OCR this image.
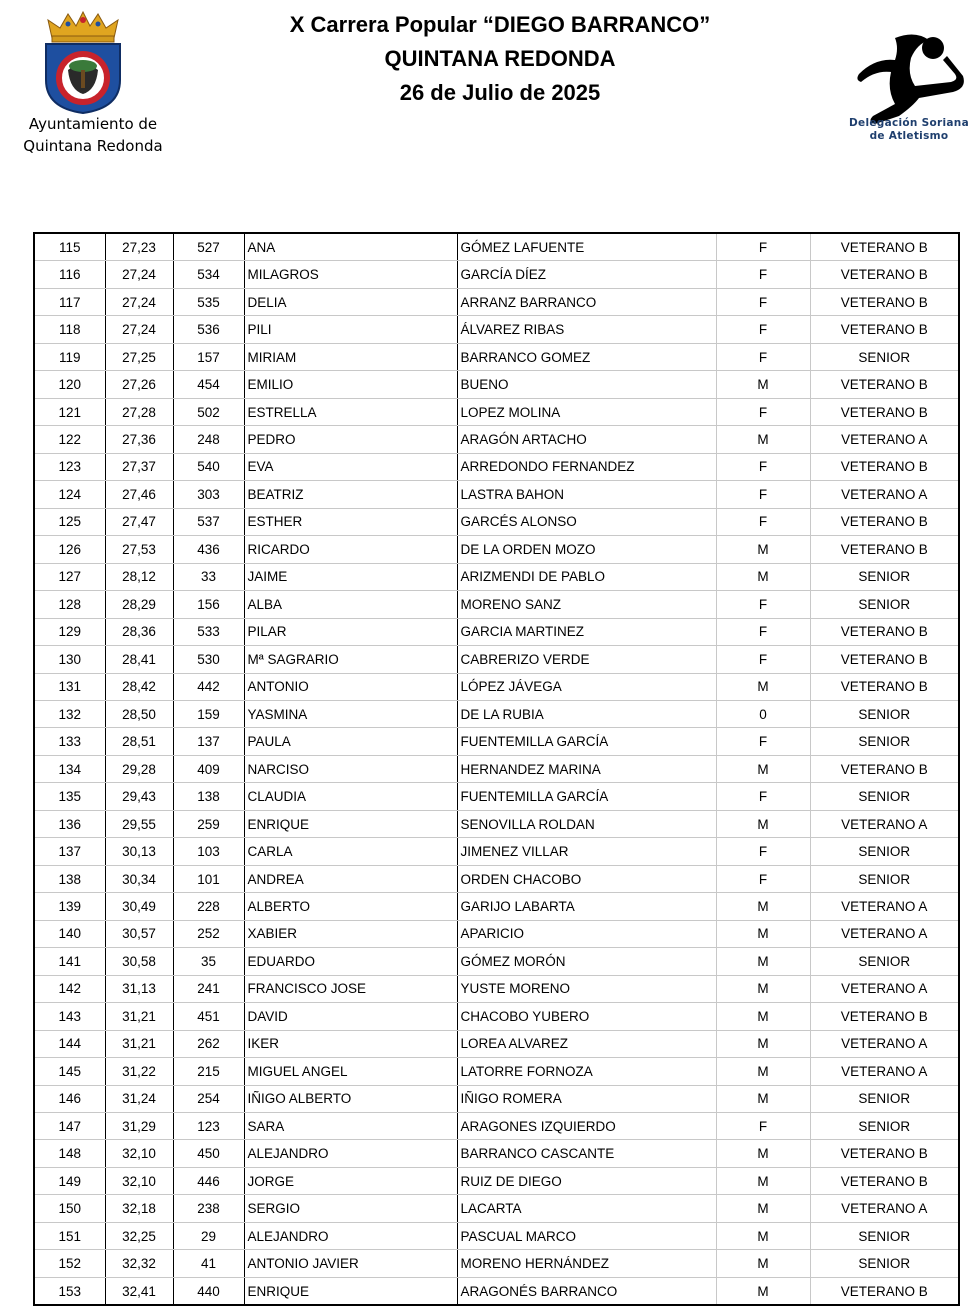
Ayuntamiento de
Quintana Redonda
X Carrera Popular “DIEGO BARRANCO”
QUINTANA REDONDA
26 de Julio de 2025
Delegación Soriana
de Atletismo
115	27,23	527	ANA	GÓMEZ LAFUENTE	F	VETERANO B
116	27,24	534	MILAGROS	GARCÍA DÍEZ	F	VETERANO B
117	27,24	535	DELIA	ARRANZ BARRANCO	F	VETERANO B
118	27,24	536	PILI	ÁLVAREZ RIBAS	F	VETERANO B
119	27,25	157	MIRIAM	BARRANCO GOMEZ	F	SENIOR
120	27,26	454	EMILIO	BUENO	M	VETERANO B
121	27,28	502	ESTRELLA	LOPEZ MOLINA	F	VETERANO B
122	27,36	248	PEDRO	ARAGÓN ARTACHO	M	VETERANO A
123	27,37	540	EVA	ARREDONDO FERNANDEZ	F	VETERANO B
124	27,46	303	BEATRIZ	LASTRA BAHON	F	VETERANO A
125	27,47	537	ESTHER	GARCÉS ALONSO	F	VETERANO B
126	27,53	436	RICARDO	DE LA ORDEN MOZO	M	VETERANO B
127	28,12	33	JAIME	ARIZMENDI DE PABLO	M	SENIOR
128	28,29	156	ALBA	MORENO SANZ	F	SENIOR
129	28,36	533	PILAR	GARCIA MARTINEZ	F	VETERANO B
130	28,41	530	Mª SAGRARIO	CABRERIZO VERDE	F	VETERANO B
131	28,42	442	ANTONIO	LÓPEZ JÁVEGA	M	VETERANO B
132	28,50	159	YASMINA	DE LA RUBIA	0	SENIOR
133	28,51	137	PAULA	FUENTEMILLA GARCÍA	F	SENIOR
134	29,28	409	NARCISO	HERNANDEZ MARINA	M	VETERANO B
135	29,43	138	CLAUDIA	FUENTEMILLA GARCÍA	F	SENIOR
136	29,55	259	ENRIQUE	SENOVILLA ROLDAN	M	VETERANO A
137	30,13	103	CARLA	JIMENEZ VILLAR	F	SENIOR
138	30,34	101	ANDREA	ORDEN CHACOBO	F	SENIOR
139	30,49	228	ALBERTO	GARIJO LABARTA	M	VETERANO A
140	30,57	252	XABIER	APARICIO	M	VETERANO A
141	30,58	35	EDUARDO	GÓMEZ MORÓN	M	SENIOR
142	31,13	241	FRANCISCO JOSE	YUSTE MORENO	M	VETERANO A
143	31,21	451	DAVID	CHACOBO YUBERO	M	VETERANO B
144	31,21	262	IKER	LOREA ALVAREZ	M	VETERANO A
145	31,22	215	MIGUEL ANGEL	LATORRE FORNOZA	M	VETERANO A
146	31,24	254	IÑIGO ALBERTO	IÑIGO ROMERA	M	SENIOR
147	31,29	123	SARA	ARAGONES IZQUIERDO	F	SENIOR
148	32,10	450	ALEJANDRO	BARRANCO CASCANTE	M	VETERANO B
149	32,10	446	JORGE	RUIZ DE DIEGO	M	VETERANO B
150	32,18	238	SERGIO	LACARTA	M	VETERANO A
151	32,25	29	ALEJANDRO	PASCUAL MARCO	M	SENIOR
152	32,32	41	ANTONIO JAVIER	MORENO HERNÁNDEZ	M	SENIOR
153	32,41	440	ENRIQUE	ARAGONÉS BARRANCO	M	VETERANO B
